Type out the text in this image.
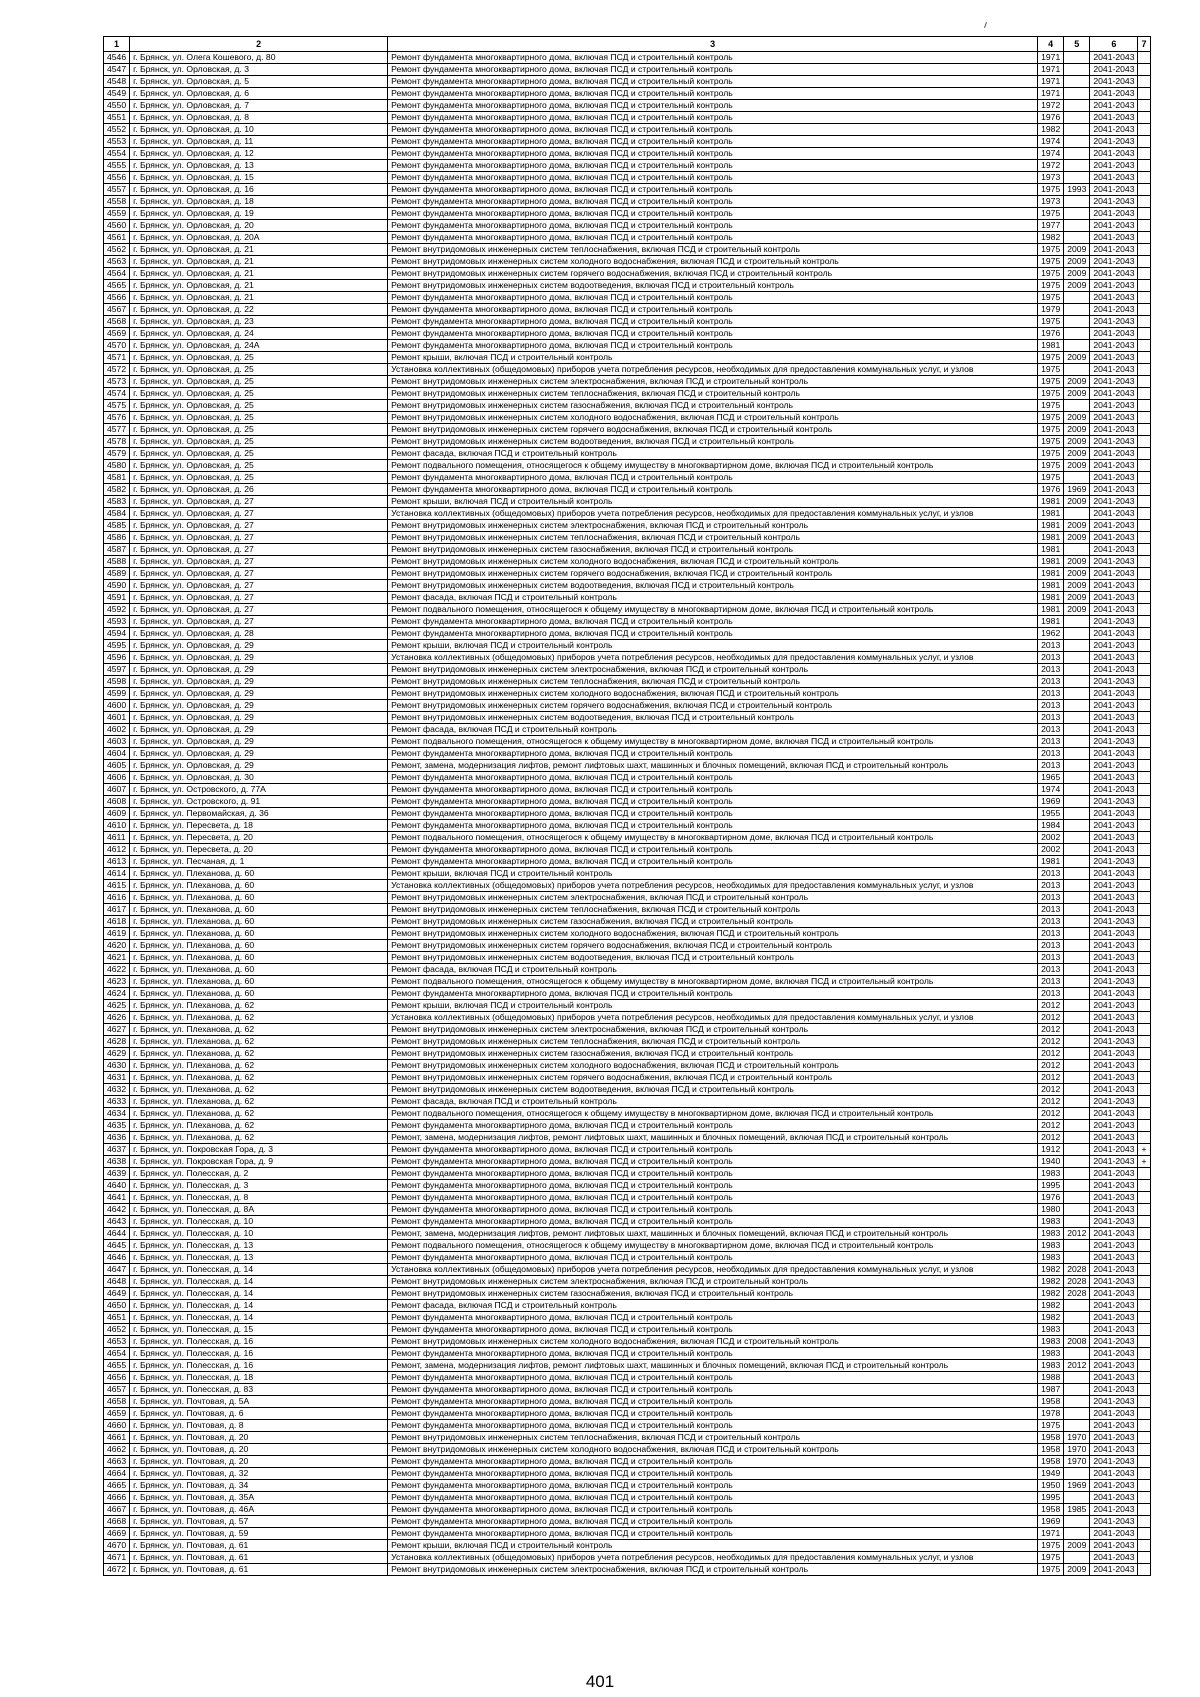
1	2	3	4	5	6	7
4546	г. Брянск, ул. Олега Кошевого, д. 80	Ремонт фундамента многоквартирного дома, включая ПСД и строительный контроль	1971		2041-2043	
4547	г. Брянск, ул. Орловская, д. 3	Ремонт фундамента многоквартирного дома, включая ПСД и строительный контроль	1971		2041-2043	
4548	г. Брянск, ул. Орловская, д. 5	Ремонт фундамента многоквартирного дома, включая ПСД и строительный контроль	1971		2041-2043	
4549	г. Брянск, ул. Орловская, д. 6	Ремонт фундамента многоквартирного дома, включая ПСД и строительный контроль	1971		2041-2043	
4550	г. Брянск, ул. Орловская, д. 7	Ремонт фундамента многоквартирного дома, включая ПСД и строительный контроль	1972		2041-2043	
4551	г. Брянск, ул. Орловская, д. 8	Ремонт фундамента многоквартирного дома, включая ПСД и строительный контроль	1976		2041-2043	
4552	г. Брянск, ул. Орловская, д. 10	Ремонт фундамента многоквартирного дома, включая ПСД и строительный контроль	1982		2041-2043	
4553	г. Брянск, ул. Орловская, д. 11	Ремонт фундамента многоквартирного дома, включая ПСД и строительный контроль	1974		2041-2043	
4554	г. Брянск, ул. Орловская, д. 12	Ремонт фундамента многоквартирного дома, включая ПСД и строительный контроль	1974		2041-2043	
4555	г. Брянск, ул. Орловская, д. 13	Ремонт фундамента многоквартирного дома, включая ПСД и строительный контроль	1972		2041-2043	
4556	г. Брянск, ул. Орловская, д. 15	Ремонт фундамента многоквартирного дома, включая ПСД и строительный контроль	1973		2041-2043	
4557	г. Брянск, ул. Орловская, д. 16	Ремонт фундамента многоквартирного дома, включая ПСД и строительный контроль	1975	1993	2041-2043	
4558	г. Брянск, ул. Орловская, д. 18	Ремонт фундамента многоквартирного дома, включая ПСД и строительный контроль	1973		2041-2043	
4559	г. Брянск, ул. Орловская, д. 19	Ремонт фундамента многоквартирного дома, включая ПСД и строительный контроль	1975		2041-2043	
4560	г. Брянск, ул. Орловская, д. 20	Ремонт фундамента многоквартирного дома, включая ПСД и строительный контроль	1977		2041-2043	
4561	г. Брянск, ул. Орловская, д. 20А	Ремонт фундамента многоквартирного дома, включая ПСД и строительный контроль	1982		2041-2043	
4562	г. Брянск, ул. Орловская, д. 21	Ремонт внутридомовых инженерных систем теплоснабжения, включая ПСД и строительный контроль	1975	2009	2041-2043	
4563	г. Брянск, ул. Орловская, д. 21	Ремонт внутридомовых инженерных систем холодного водоснабжения, включая ПСД и строительный контроль	1975	2009	2041-2043	
4564	г. Брянск, ул. Орловская, д. 21	Ремонт внутридомовых инженерных систем горячего водоснабжения, включая ПСД и строительный контроль	1975	2009	2041-2043	
4565	г. Брянск, ул. Орловская, д. 21	Ремонт внутридомовых инженерных систем водоотведения, включая ПСД и строительный контроль	1975	2009	2041-2043	
4566	г. Брянск, ул. Орловская, д. 21	Ремонт фундамента многоквартирного дома, включая ПСД и строительный контроль	1975		2041-2043	
4567	г. Брянск, ул. Орловская, д. 22	Ремонт фундамента многоквартирного дома, включая ПСД и строительный контроль	1979		2041-2043	
4568	г. Брянск, ул. Орловская, д. 23	Ремонт фундамента многоквартирного дома, включая ПСД и строительный контроль	1975		2041-2043	
4569	г. Брянск, ул. Орловская, д. 24	Ремонт фундамента многоквартирного дома, включая ПСД и строительный контроль	1976		2041-2043	
4570	г. Брянск, ул. Орловская, д. 24А	Ремонт фундамента многоквартирного дома, включая ПСД и строительный контроль	1981		2041-2043	
4571	г. Брянск, ул. Орловская, д. 25	Ремонт крыши, включая ПСД и строительный контроль	1975	2009	2041-2043	
4572	г. Брянск, ул. Орловская, д. 25	Установка коллективных (общедомовых) приборов учета потребления ресурсов, необходимых для предоставления коммунальных услуг, и узлов	1975		2041-2043	
4573	г. Брянск, ул. Орловская, д. 25	Ремонт внутридомовых инженерных систем электроснабжения, включая ПСД и строительный контроль	1975	2009	2041-2043	
4574	г. Брянск, ул. Орловская, д. 25	Ремонт внутридомовых инженерных систем теплоснабжения, включая ПСД и строительный контроль	1975	2009	2041-2043	
4575	г. Брянск, ул. Орловская, д. 25	Ремонт внутридомовых инженерных систем газоснабжения, включая ПСД и строительный контроль	1975		2041-2043	
4576	г. Брянск, ул. Орловская, д. 25	Ремонт внутридомовых инженерных систем холодного водоснабжения, включая ПСД и строительный контроль	1975	2009	2041-2043	
4577	г. Брянск, ул. Орловская, д. 25	Ремонт внутридомовых инженерных систем горячего водоснабжения, включая ПСД и строительный контроль	1975	2009	2041-2043	
4578	г. Брянск, ул. Орловская, д. 25	Ремонт внутридомовых инженерных систем водоотведения, включая ПСД и строительный контроль	1975	2009	2041-2043	
4579	г. Брянск, ул. Орловская, д. 25	Ремонт фасада, включая ПСД и строительный контроль	1975	2009	2041-2043	
4580	г. Брянск, ул. Орловская, д. 25	Ремонт подвального помещения, относящегося к общему имуществу в многоквартирном доме, включая ПСД и строительный контроль	1975	2009	2041-2043	
4581	г. Брянск, ул. Орловская, д. 25	Ремонт фундамента многоквартирного дома, включая ПСД и строительный контроль	1975		2041-2043	
4582	г. Брянск, ул. Орловская, д. 26	Ремонт фундамента многоквартирного дома, включая ПСД и строительный контроль	1976	1969	2041-2043	
4583	г. Брянск, ул. Орловская, д. 27	Ремонт крыши, включая ПСД и строительный контроль	1981	2009	2041-2043	
4584	г. Брянск, ул. Орловская, д. 27	Установка коллективных (общедомовых) приборов учета потребления ресурсов, необходимых для предоставления коммунальных услуг, и узлов	1981		2041-2043	
4585	г. Брянск, ул. Орловская, д. 27	Ремонт внутридомовых инженерных систем электроснабжения, включая ПСД и строительный контроль	1981	2009	2041-2043	
4586	г. Брянск, ул. Орловская, д. 27	Ремонт внутридомовых инженерных систем теплоснабжения, включая ПСД и строительный контроль	1981	2009	2041-2043	
4587	г. Брянск, ул. Орловская, д. 27	Ремонт внутридомовых инженерных систем газоснабжения, включая ПСД и строительный контроль	1981		2041-2043	
4588	г. Брянск, ул. Орловская, д. 27	Ремонт внутридомовых инженерных систем холодного водоснабжения, включая ПСД и строительный контроль	1981	2009	2041-2043	
4589	г. Брянск, ул. Орловская, д. 27	Ремонт внутридомовых инженерных систем горячего водоснабжения, включая ПСД и строительный контроль	1981	2009	2041-2043	
4590	г. Брянск, ул. Орловская, д. 27	Ремонт внутридомовых инженерных систем водоотведения, включая ПСД и строительный контроль	1981	2009	2041-2043	
4591	г. Брянск, ул. Орловская, д. 27	Ремонт фасада, включая ПСД и строительный контроль	1981	2009	2041-2043	
4592	г. Брянск, ул. Орловская, д. 27	Ремонт подвального помещения, относящегося к общему имуществу в многоквартирном доме, включая ПСД и строительный контроль	1981	2009	2041-2043	
4593	г. Брянск, ул. Орловская, д. 27	Ремонт фундамента многоквартирного дома, включая ПСД и строительный контроль	1981		2041-2043	
4594	г. Брянск, ул. Орловская, д. 28	Ремонт фундамента многоквартирного дома, включая ПСД и строительный контроль	1962		2041-2043	
4595	г. Брянск, ул. Орловская, д. 29	Ремонт крыши, включая ПСД и строительный контроль	2013		2041-2043	
4596	г. Брянск, ул. Орловская, д. 29	Установка коллективных (общедомовых) приборов учета потребления ресурсов, необходимых для предоставления коммунальных услуг, и узлов	2013		2041-2043	
4597	г. Брянск, ул. Орловская, д. 29	Ремонт внутридомовых инженерных систем электроснабжения, включая ПСД и строительный контроль	2013		2041-2043	
4598	г. Брянск, ул. Орловская, д. 29	Ремонт внутридомовых инженерных систем теплоснабжения, включая ПСД и строительный контроль	2013		2041-2043	
4599	г. Брянск, ул. Орловская, д. 29	Ремонт внутридомовых инженерных систем холодного водоснабжения, включая ПСД и строительный контроль	2013		2041-2043	
4600	г. Брянск, ул. Орловская, д. 29	Ремонт внутридомовых инженерных систем горячего водоснабжения, включая ПСД и строительный контроль	2013		2041-2043	
4601	г. Брянск, ул. Орловская, д. 29	Ремонт внутридомовых инженерных систем водоотведения, включая ПСД и строительный контроль	2013		2041-2043	
4602	г. Брянск, ул. Орловская, д. 29	Ремонт фасада, включая ПСД и строительный контроль	2013		2041-2043	
4603	г. Брянск, ул. Орловская, д. 29	Ремонт подвального помещения, относящегося к общему имуществу в многоквартирном доме, включая ПСД и строительный контроль	2013		2041-2043	
4604	г. Брянск, ул. Орловская, д. 29	Ремонт фундамента многоквартирного дома, включая ПСД и строительный контроль	2013		2041-2043	
4605	г. Брянск, ул. Орловская, д. 29	Ремонт, замена, модернизация лифтов, ремонт лифтовых шахт, машинных и блочных помещений, включая ПСД и строительный контроль	2013		2041-2043	
4606	г. Брянск, ул. Орловская, д. 30	Ремонт фундамента многоквартирного дома, включая ПСД и строительный контроль	1965		2041-2043	
4607	г. Брянск, ул. Островского, д. 77А	Ремонт фундамента многоквартирного дома, включая ПСД и строительный контроль	1974		2041-2043	
4608	г. Брянск, ул. Островского, д. 91	Ремонт фундамента многоквартирного дома, включая ПСД и строительный контроль	1969		2041-2043	
4609	г. Брянск, ул. Первомайская, д. 36	Ремонт фундамента многоквартирного дома, включая ПСД и строительный контроль	1955		2041-2043	
4610	г. Брянск, ул. Пересвета, д. 18	Ремонт фундамента многоквартирного дома, включая ПСД и строительный контроль	1984		2041-2043	
4611	г. Брянск, ул. Пересвета, д. 20	Ремонт подвального помещения, относящегося к общему имуществу в многоквартирном доме, включая ПСД и строительный контроль	2002		2041-2043	
4612	г. Брянск, ул. Пересвета, д. 20	Ремонт фундамента многоквартирного дома, включая ПСД и строительный контроль	2002		2041-2043	
4613	г. Брянск, ул. Песчаная, д. 1	Ремонт фундамента многоквартирного дома, включая ПСД и строительный контроль	1981		2041-2043	
4614	г. Брянск, ул. Плеханова, д. 60	Ремонт крыши, включая ПСД и строительный контроль	2013		2041-2043	
4615	г. Брянск, ул. Плеханова, д. 60	Установка коллективных (общедомовых) приборов учета потребления ресурсов, необходимых для предоставления коммунальных услуг, и узлов	2013		2041-2043	
4616	г. Брянск, ул. Плеханова, д. 60	Ремонт внутридомовых инженерных систем электроснабжения, включая ПСД и строительный контроль	2013		2041-2043	
4617	г. Брянск, ул. Плеханова, д. 60	Ремонт внутридомовых инженерных систем теплоснабжения, включая ПСД и строительный контроль	2013		2041-2043	
4618	г. Брянск, ул. Плеханова, д. 60	Ремонт внутридомовых инженерных систем газоснабжения, включая ПСД и строительный контроль	2013		2041-2043	
4619	г. Брянск, ул. Плеханова, д. 60	Ремонт внутридомовых инженерных систем холодного водоснабжения, включая ПСД и строительный контроль	2013		2041-2043	
4620	г. Брянск, ул. Плеханова, д. 60	Ремонт внутридомовых инженерных систем горячего водоснабжения, включая ПСД и строительный контроль	2013		2041-2043	
4621	г. Брянск, ул. Плеханова, д. 60	Ремонт внутридомовых инженерных систем водоотведения, включая ПСД и строительный контроль	2013		2041-2043	
4622	г. Брянск, ул. Плеханова, д. 60	Ремонт фасада, включая ПСД и строительный контроль	2013		2041-2043	
4623	г. Брянск, ул. Плеханова, д. 60	Ремонт подвального помещения, относящегося к общему имуществу в многоквартирном доме, включая ПСД и строительный контроль	2013		2041-2043	
4624	г. Брянск, ул. Плеханова, д. 60	Ремонт фундамента многоквартирного дома, включая ПСД и строительный контроль	2013		2041-2043	
4625	г. Брянск, ул. Плеханова, д. 62	Ремонт крыши, включая ПСД и строительный контроль	2012		2041-2043	
4626	г. Брянск, ул. Плеханова, д. 62	Установка коллективных (общедомовых) приборов учета потребления ресурсов, необходимых для предоставления коммунальных услуг, и узлов	2012		2041-2043	
4627	г. Брянск, ул. Плеханова, д. 62	Ремонт внутридомовых инженерных систем электроснабжения, включая ПСД и строительный контроль	2012		2041-2043	
4628	г. Брянск, ул. Плеханова, д. 62	Ремонт внутридомовых инженерных систем теплоснабжения, включая ПСД и строительный контроль	2012		2041-2043	
4629	г. Брянск, ул. Плеханова, д. 62	Ремонт внутридомовых инженерных систем газоснабжения, включая ПСД и строительный контроль	2012		2041-2043	
4630	г. Брянск, ул. Плеханова, д. 62	Ремонт внутридомовых инженерных систем холодного водоснабжения, включая ПСД и строительный контроль	2012		2041-2043	
4631	г. Брянск, ул. Плеханова, д. 62	Ремонт внутридомовых инженерных систем горячего водоснабжения, включая ПСД и строительный контроль	2012		2041-2043	
4632	г. Брянск, ул. Плеханова, д. 62	Ремонт внутридомовых инженерных систем водоотведения, включая ПСД и строительный контроль	2012		2041-2043	
4633	г. Брянск, ул. Плеханова, д. 62	Ремонт фасада, включая ПСД и строительный контроль	2012		2041-2043	
4634	г. Брянск, ул. Плеханова, д. 62	Ремонт подвального помещения, относящегося к общему имуществу в многоквартирном доме, включая ПСД и строительный контроль	2012		2041-2043	
4635	г. Брянск, ул. Плеханова, д. 62	Ремонт фундамента многоквартирного дома, включая ПСД и строительный контроль	2012		2041-2043	
4636	г. Брянск, ул. Плеханова, д. 62	Ремонт, замена, модернизация лифтов, ремонт лифтовых шахт, машинных и блочных помещений, включая ПСД и строительный контроль	2012		2041-2043	
4637	г. Брянск, ул. Покровская Гора, д. 3	Ремонт фундамента многоквартирного дома, включая ПСД и строительный контроль	1912		2041-2043	+
4638	г. Брянск, ул. Покровская Гора, д. 9	Ремонт фундамента многоквартирного дома, включая ПСД и строительный контроль	1940		2041-2043	+
4639	г. Брянск, ул. Полесская, д. 2	Ремонт фундамента многоквартирного дома, включая ПСД и строительный контроль	1983		2041-2043	
4640	г. Брянск, ул. Полесская, д. 3	Ремонт фундамента многоквартирного дома, включая ПСД и строительный контроль	1995		2041-2043	
4641	г. Брянск, ул. Полесская, д. 8	Ремонт фундамента многоквартирного дома, включая ПСД и строительный контроль	1976		2041-2043	
4642	г. Брянск, ул. Полесская, д. 8А	Ремонт фундамента многоквартирного дома, включая ПСД и строительный контроль	1980		2041-2043	
4643	г. Брянск, ул. Полесская, д. 10	Ремонт фундамента многоквартирного дома, включая ПСД и строительный контроль	1983		2041-2043	
4644	г. Брянск, ул. Полесская, д. 10	Ремонт, замена, модернизация лифтов, ремонт лифтовых шахт, машинных и блочных помещений, включая ПСД и строительный контроль	1983	2012	2041-2043	
4645	г. Брянск, ул. Полесская, д. 13	Ремонт подвального помещения, относящегося к общему имуществу в многоквартирном доме, включая ПСД и строительный контроль	1983		2041-2043	
4646	г. Брянск, ул. Полесская, д. 13	Ремонт фундамента многоквартирного дома, включая ПСД и строительный контроль	1983		2041-2043	
4647	г. Брянск, ул. Полесская, д. 14	Установка коллективных (общедомовых) приборов учета потребления ресурсов, необходимых для предоставления коммунальных услуг, и узлов	1982	2028	2041-2043	
4648	г. Брянск, ул. Полесская, д. 14	Ремонт внутридомовых инженерных систем электроснабжения, включая ПСД и строительный контроль	1982	2028	2041-2043	
4649	г. Брянск, ул. Полесская, д. 14	Ремонт внутридомовых инженерных систем газоснабжения, включая ПСД и строительный контроль	1982	2028	2041-2043	
4650	г. Брянск, ул. Полесская, д. 14	Ремонт фасада, включая ПСД и строительный контроль	1982		2041-2043	
4651	г. Брянск, ул. Полесская, д. 14	Ремонт фундамента многоквартирного дома, включая ПСД и строительный контроль	1982		2041-2043	
4652	г. Брянск, ул. Полесская, д. 15	Ремонт фундамента многоквартирного дома, включая ПСД и строительный контроль	1983		2041-2043	
4653	г. Брянск, ул. Полесская, д. 16	Ремонт внутридомовых инженерных систем холодного водоснабжения, включая ПСД и строительный контроль	1983	2008	2041-2043	
4654	г. Брянск, ул. Полесская, д. 16	Ремонт фундамента многоквартирного дома, включая ПСД и строительный контроль	1983		2041-2043	
4655	г. Брянск, ул. Полесская, д. 16	Ремонт, замена, модернизация лифтов, ремонт лифтовых шахт, машинных и блочных помещений, включая ПСД и строительный контроль	1983	2012	2041-2043	
4656	г. Брянск, ул. Полесская, д. 18	Ремонт фундамента многоквартирного дома, включая ПСД и строительный контроль	1988		2041-2043	
4657	г. Брянск, ул. Полесская, д. 83	Ремонт фундамента многоквартирного дома, включая ПСД и строительный контроль	1987		2041-2043	
4658	г. Брянск, ул. Почтовая, д. 5А	Ремонт фундамента многоквартирного дома, включая ПСД и строительный контроль	1958		2041-2043	
4659	г. Брянск, ул. Почтовая, д. 6	Ремонт фундамента многоквартирного дома, включая ПСД и строительный контроль	1978		2041-2043	
4660	г. Брянск, ул. Почтовая, д. 8	Ремонт фундамента многоквартирного дома, включая ПСД и строительный контроль	1975		2041-2043	
4661	г. Брянск, ул. Почтовая, д. 20	Ремонт внутридомовых инженерных систем теплоснабжения, включая ПСД и строительный контроль	1958	1970	2041-2043	
4662	г. Брянск, ул. Почтовая, д. 20	Ремонт внутридомовых инженерных систем холодного водоснабжения, включая ПСД и строительный контроль	1958	1970	2041-2043	
4663	г. Брянск, ул. Почтовая, д. 20	Ремонт фундамента многоквартирного дома, включая ПСД и строительный контроль	1958	1970	2041-2043	
4664	г. Брянск, ул. Почтовая, д. 32	Ремонт фундамента многоквартирного дома, включая ПСД и строительный контроль	1949		2041-2043	
4665	г. Брянск, ул. Почтовая, д. 34	Ремонт фундамента многоквартирного дома, включая ПСД и строительный контроль	1950	1969	2041-2043	
4666	г. Брянск, ул. Почтовая, д. 35А	Ремонт фундамента многоквартирного дома, включая ПСД и строительный контроль	1995		2041-2043	
4667	г. Брянск, ул. Почтовая, д. 46А	Ремонт фундамента многоквартирного дома, включая ПСД и строительный контроль	1958	1985	2041-2043	
4668	г. Брянск, ул. Почтовая, д. 57	Ремонт фундамента многоквартирного дома, включая ПСД и строительный контроль	1969		2041-2043	
4669	г. Брянск, ул. Почтовая, д. 59	Ремонт фундамента многоквартирного дома, включая ПСД и строительный контроль	1971		2041-2043	
4670	г. Брянск, ул. Почтовая, д. 61	Ремонт крыши, включая ПСД и строительный контроль	1975	2009	2041-2043	
4671	г. Брянск, ул. Почтовая, д. 61	Установка коллективных (общедомовых) приборов учета потребления ресурсов, необходимых для предоставления коммунальных услуг, и узлов	1975		2041-2043	
4672	г. Брянск, ул. Почтовая, д. 61	Ремонт внутридомовых инженерных систем электроснабжения, включая ПСД и строительный контроль	1975	2009	2041-2043	
401
